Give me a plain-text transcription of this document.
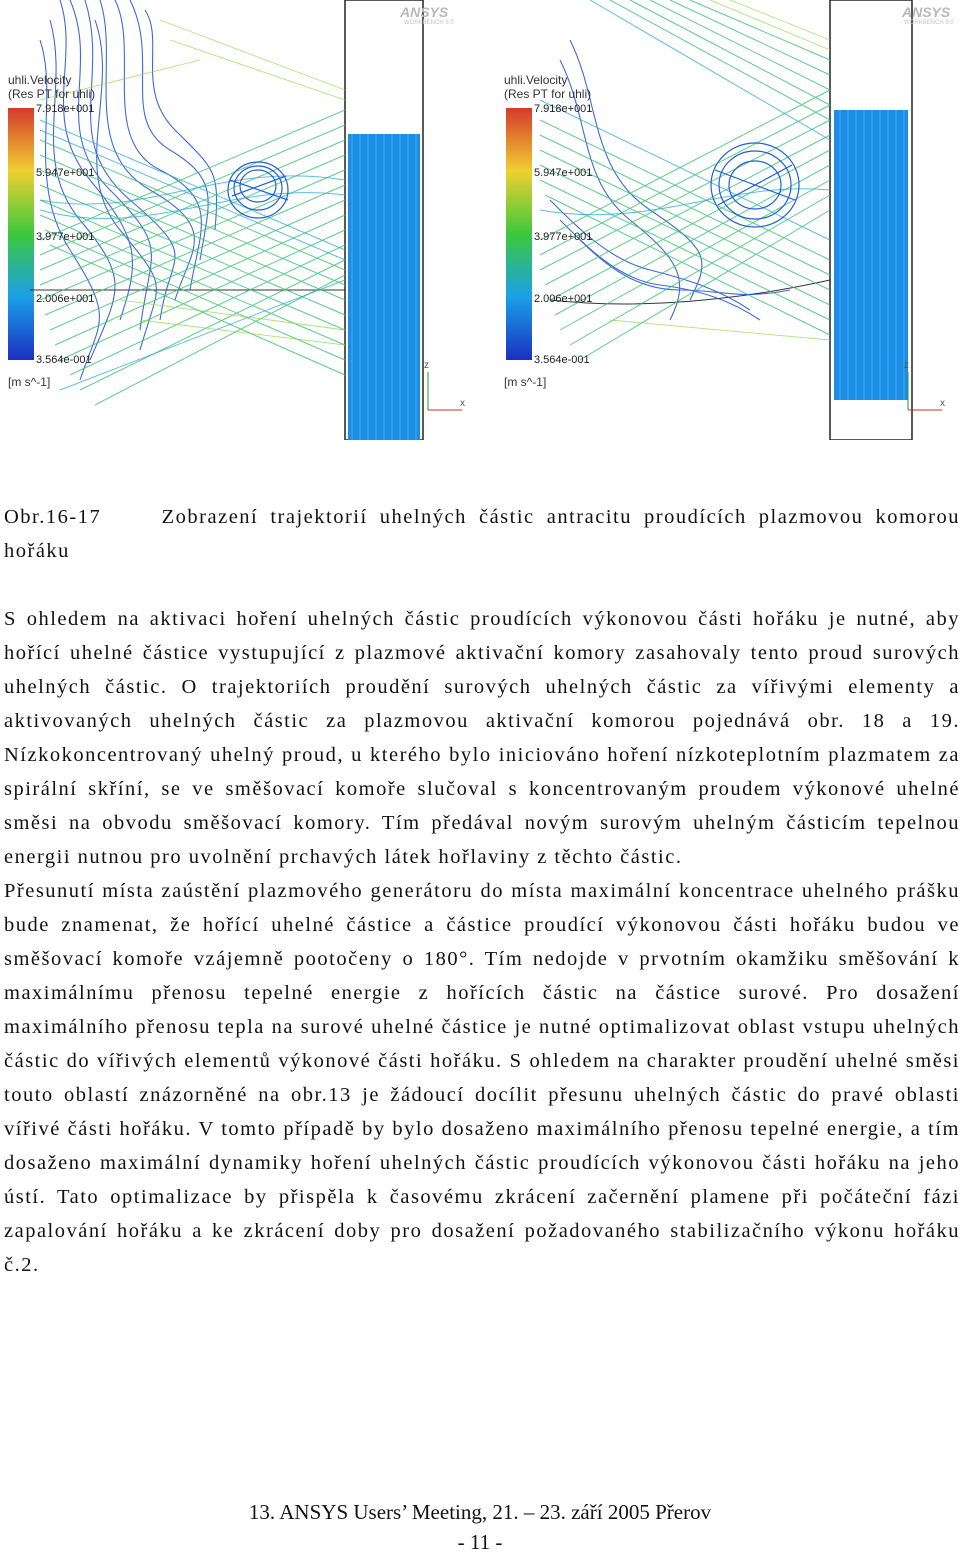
ANSYS
WORKBENCH 9.0
uhli.Velocity
(Res PT for uhli)
7.918e+001
5.947e+001
3.977e+001
2.006e+001
3.564e-001
[m s^-1]
z
x
ANSYS
WORKBENCH 9.0
uhli.Velocity
(Res PT for uhli)
7.918e+001
5.947e+001
3.977e+001
2.006e+001
3.564e-001
[m s^-1]
z
x

Obr.16-17	Zobrazení trajektorií uhelných částic antracitu proudících plazmovou komorou hořáku

S ohledem na aktivaci hoření uhelných částic proudících výkonovou části hořáku je nutné, aby hořící uhelné částice vystupující z plazmové aktivační komory zasahovaly tento proud surových uhelných částic. O trajektoriích proudění surových uhelných částic za vířivými elementy a aktivovaných uhelných částic za plazmovou aktivační komorou pojednává obr. 18 a 19. Nízkokoncentrovaný uhelný proud, u kterého bylo iniciováno hoření nízkoteplotním plazmatem za spirální skříní, se ve směšovací komoře slučoval s koncentrovaným proudem výkonové uhelné směsi na obvodu směšovací komory. Tím předával novým surovým uhelným částicím tepelnou energii nutnou pro uvolnění prchavých látek hořlaviny z těchto částic.

Přesunutí místa zaústění plazmového generátoru do místa maximální koncentrace uhelného prášku bude znamenat, že hořící uhelné částice a částice proudící výkonovou části hořáku budou ve směšovací komoře vzájemně pootočeny o 180°. Tím nedojde v prvotním okamžiku směšování k maximálnímu přenosu tepelné energie z hořících částic na částice surové. Pro dosažení maximálního přenosu tepla na surové uhelné částice je nutné optimalizovat oblast vstupu uhelných částic do vířivých elementů výkonové části hořáku. S ohledem na charakter proudění uhelné směsi touto oblastí znázorněné na obr.13 je žádoucí docílit přesunu uhelných částic do pravé oblasti vířivé části hořáku. V tomto případě by bylo dosaženo maximálního přenosu tepelné energie, a tím dosaženo maximální dynamiky hoření uhelných částic proudících výkonovou části hořáku na jeho ústí. Tato optimalizace by přispěla k časovému zkrácení začernění plamene při počáteční fázi zapalování hořáku a ke zkrácení doby pro dosažení požadovaného stabilizačního výkonu hořáku č.2.

13. ANSYS Users’ Meeting, 21. – 23. září 2005 Přerov
- 11 -
